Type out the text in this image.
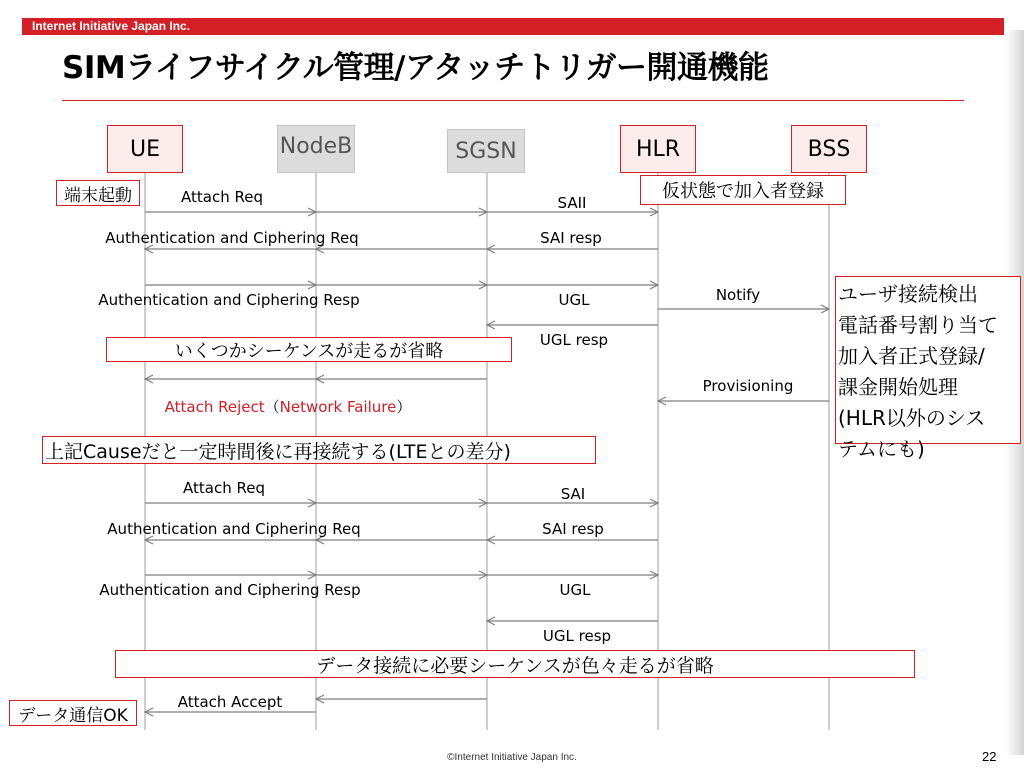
Internet Initiative Japan Inc.
SIMライフサイクル管理/アタッチトリガー開通機能
UE	NodeB	SGSN	HLR	BSS
Attach Req	SAII
Authentication and Ciphering Req	SAI resp
Authentication and Ciphering Resp	UGL	Notify
UGL resp
Provisioning
Attach Reject（Network Failure）
Attach Req	SAI
Authentication and Ciphering Req	SAI resp
Authentication and Ciphering Resp	UGL
UGL resp
Attach Accept
端末起動	仮状態で加入者登録
いくつかシーケンスが走るが省略
上記Causeだと一定時間後に再接続する(LTEとの差分)
データ接続に必要シーケンスが色々走るが省略
データ通信OK
ユーザ接続検出
電話番号割り当て
加入者正式登録/
課金開始処理
(HLR以外のシス
テムにも)
©Internet Initiative Japan Inc.	22
